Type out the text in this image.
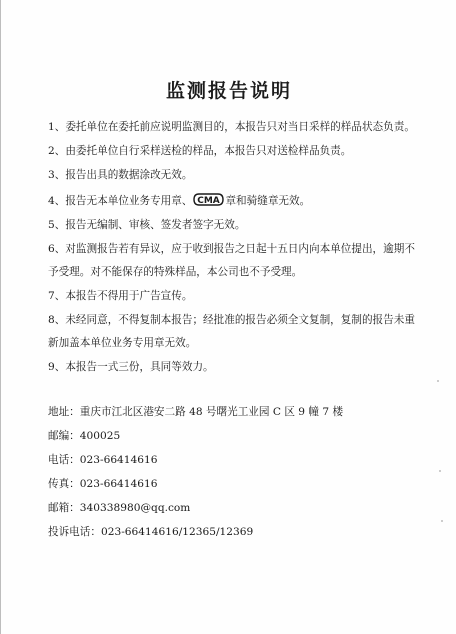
监测报告说明
1、委托单位在委托前应说明监测目的，本报告只对当日采样的样品状态负责。
2、由委托单位自行采样送检的样品，本报告只对送检样品负责。
3、报告出具的数据涂改无效。
4、报告无本单位业务专用章、 CMA 章和骑缝章无效。
5、报告无编制、审核、签发者签字无效。
6、对监测报告若有异议，应于收到报告之日起十五日内向本单位提出，逾期不
予受理。对不能保存的特殊样品，本公司也不予受理。
7、本报告不得用于广告宣传。
8、未经同意，不得复制本报告；经批准的报告必须全文复制，复制的报告未重
新加盖本单位业务专用章无效。
9、本报告一式三份，具同等效力。
地址：重庆市江北区港安二路 48 号曙光工业园 C 区 9 幢 7 楼
邮编：400025
电话：023-66414616
传真：023-66414616
邮箱：340338980@qq.com
投诉电话：023-66414616/12365/12369
